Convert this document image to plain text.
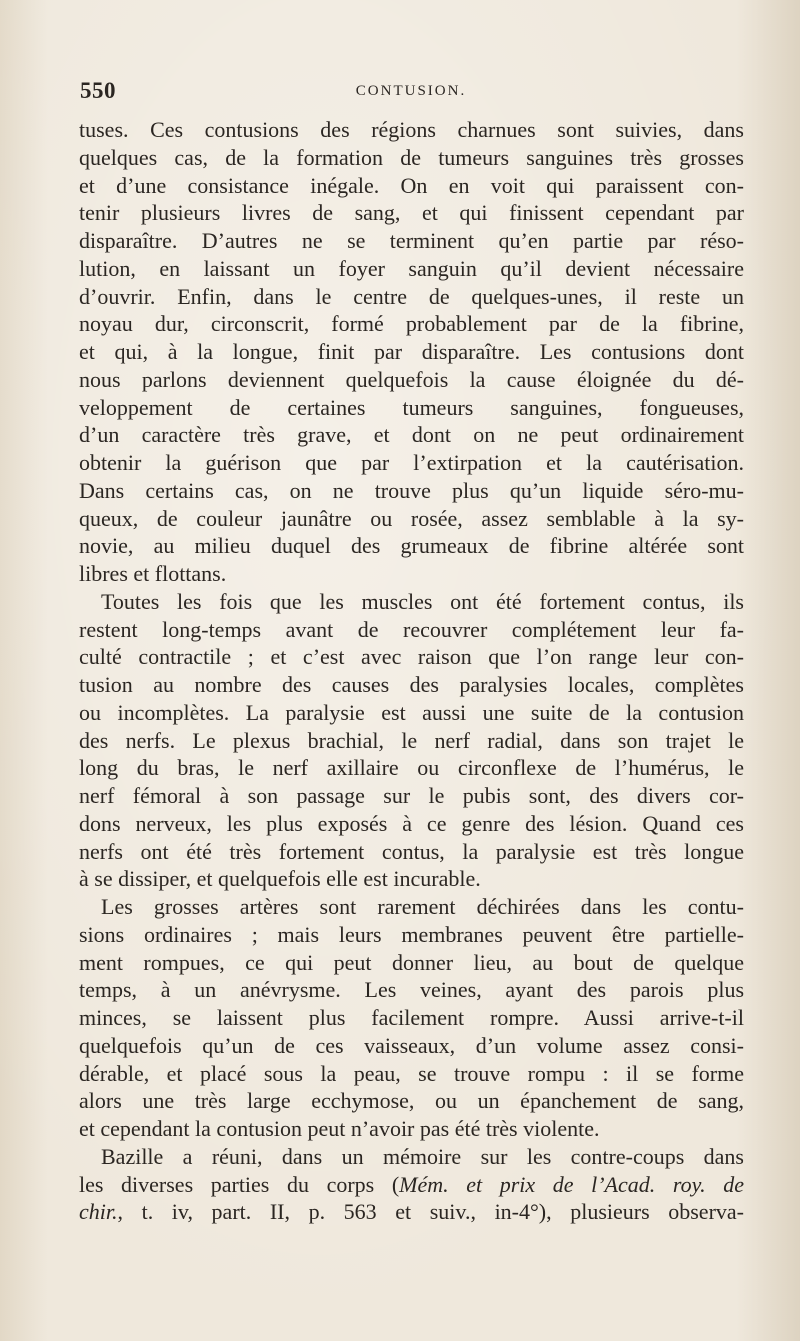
550	CONTUSION.
tuses. Ces contusions des régions charnues sont suivies, dans
quelques cas, de la formation de tumeurs sanguines très grosses
et d’une consistance inégale. On en voit qui paraissent con-
tenir plusieurs livres de sang, et qui finissent cependant par
disparaître. D’autres ne se terminent qu’en partie par réso-
lution, en laissant un foyer sanguin qu’il devient nécessaire
d’ouvrir. Enfin, dans le centre de quelques-unes, il reste un
noyau dur, circonscrit, formé probablement par de la fibrine,
et qui, à la longue, finit par disparaître. Les contusions dont
nous parlons deviennent quelquefois la cause éloignée du dé-
veloppement de certaines tumeurs sanguines, fongueuses,
d’un caractère très grave, et dont on ne peut ordinairement
obtenir la guérison que par l’extirpation et la cautérisation.
Dans certains cas, on ne trouve plus qu’un liquide séro-mu-
queux, de couleur jaunâtre ou rosée, assez semblable à la sy-
novie, au milieu duquel des grumeaux de fibrine altérée sont
libres et flottans.
Toutes les fois que les muscles ont été fortement contus, ils
restent long-temps avant de recouvrer complétement leur fa-
culté contractile ; et c’est avec raison que l’on range leur con-
tusion au nombre des causes des paralysies locales, complètes
ou incomplètes. La paralysie est aussi une suite de la contusion
des nerfs. Le plexus brachial, le nerf radial, dans son trajet le
long du bras, le nerf axillaire ou circonflexe de l’humérus, le
nerf fémoral à son passage sur le pubis sont, des divers cor-
dons nerveux, les plus exposés à ce genre des lésion. Quand ces
nerfs ont été très fortement contus, la paralysie est très longue
à se dissiper, et quelquefois elle est incurable.
Les grosses artères sont rarement déchirées dans les contu-
sions ordinaires ; mais leurs membranes peuvent être partielle-
ment rompues, ce qui peut donner lieu, au bout de quelque
temps, à un anévrysme. Les veines, ayant des parois plus
minces, se laissent plus facilement rompre. Aussi arrive-t-il
quelquefois qu’un de ces vaisseaux, d’un volume assez consi-
dérable, et placé sous la peau, se trouve rompu : il se forme
alors une très large ecchymose, ou un épanchement de sang,
et cependant la contusion peut n’avoir pas été très violente.
Bazille a réuni, dans un mémoire sur les contre-coups dans
les diverses parties du corps (Mém. et prix de l’Acad. roy. de
chir., t. iv, part. II, p. 563 et suiv., in-4°), plusieurs observa-
